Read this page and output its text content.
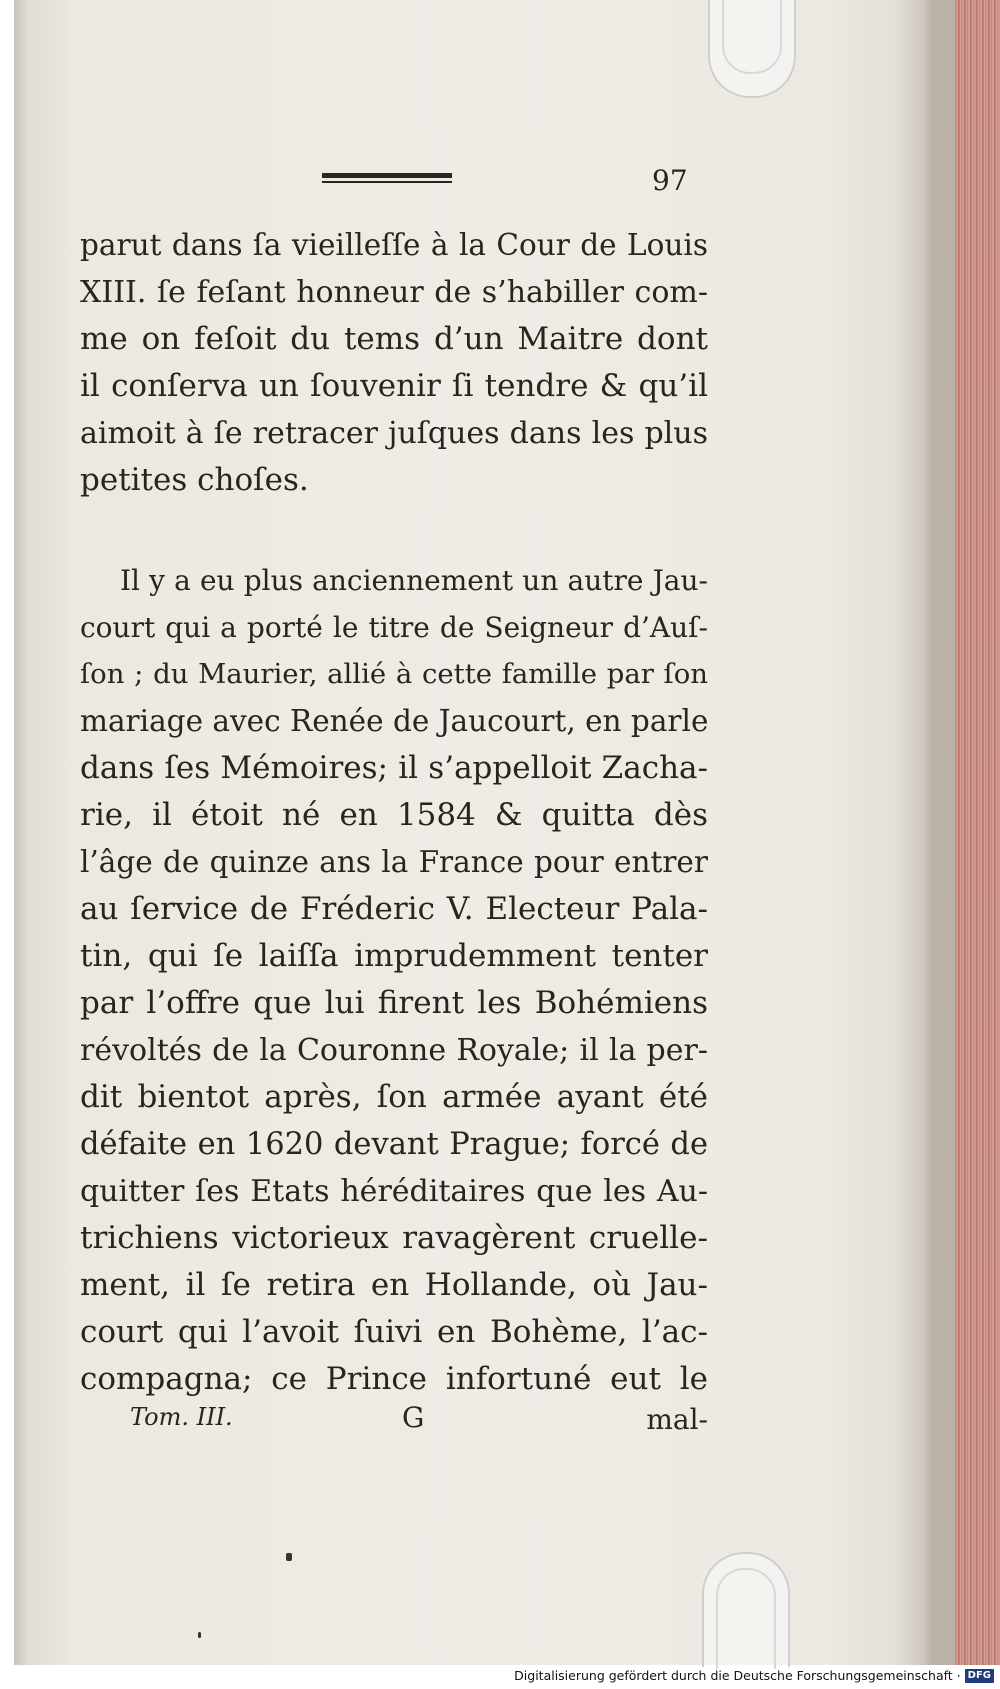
97
parut dans ſa vieilleſſe à la Cour de Louis
XIII. ſe feſant honneur de s’habiller com-
me on feſoit du tems d’un Maitre dont
il conſerva un ſouvenir ſi tendre & qu’il
aimoit à ſe retracer juſques dans les plus
petites choſes.
Il y a eu plus anciennement un autre Jau-
court qui a porté le titre de Seigneur d’Auſ-
ſon ; du Maurier, allié à cette famille par ſon
mariage avec Renée de Jaucourt, en parle
dans ſes Mémoires; il s’appelloit Zacha-
rie, il étoit né en 1584 & quitta dès
l’âge de quinze ans la France pour entrer
au ſervice de Fréderic V. Electeur Pala-
tin, qui ſe laiſſa imprudemment tenter
par l’offre que lui firent les Bohémiens
révoltés de la Couronne Royale; il la per-
dit bientot après, ſon armée ayant été
défaite en 1620 devant Prague; forcé de
quitter ſes Etats héréditaires que les Au-
trichiens victorieux ravagèrent cruelle-
ment, il ſe retira en Hollande, où Jau-
court qui l’avoit ſuivi en Bohème, l’ac-
compagna; ce Prince infortuné eut le
Tom. III.	G	mal-
Digitalisierung gefördert durch die Deutsche Forschungsgemeinschaft · DFG
